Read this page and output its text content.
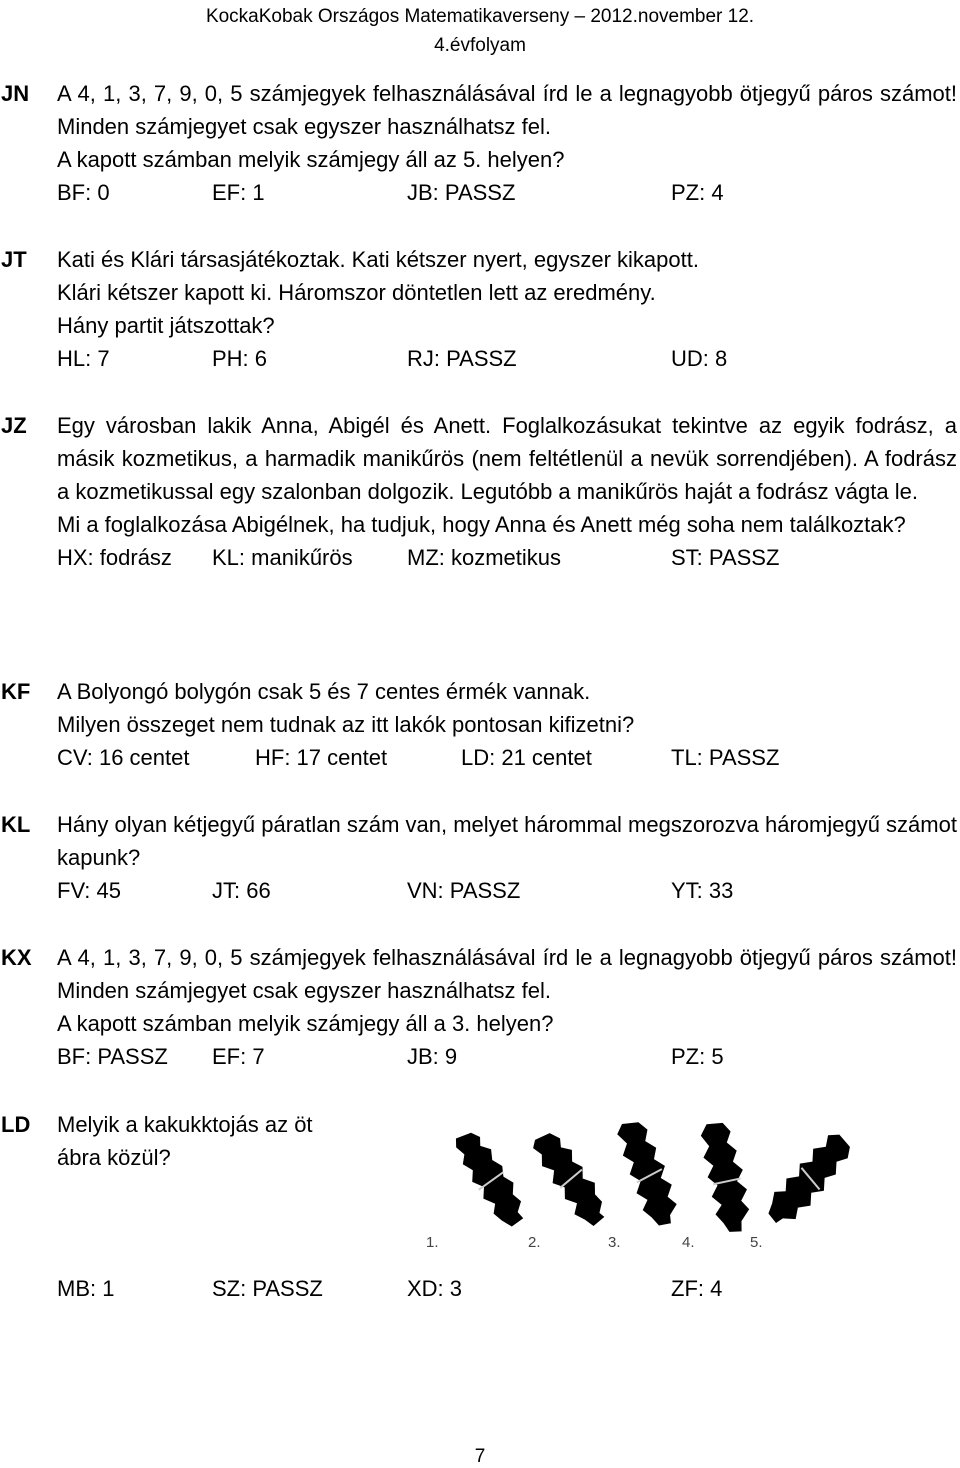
KockaKobak Országos Matematikaverseny – 2012.november 12.
4.évfolyam
JN A 4, 1, 3, 7, 9, 0, 5 számjegyek felhasználásával írd le a legnagyobb ötjegyű páros számot! Minden számjegyet csak egyszer használhatsz fel.

A kapott számban melyik számjegy áll az 5. helyen?

BF: 0	EF: 1	JB: PASSZ	PZ: 4
JT Kati és Klári társasjátékoztak. Kati kétszer nyert, egyszer kikapott.

Klári kétszer kapott ki. Háromszor döntetlen lett az eredmény.

Hány partit játszottak?

HL: 7	PH: 6	RJ: PASSZ	UD: 8
JZ Egy városban lakik Anna, Abigél és Anett. Foglalkozásukat tekintve az egyik fodrász, a másik kozmetikus, a harmadik manikűrös (nem feltétlenül a nevük sorrendjében). A fodrász a kozmetikussal egy szalonban dolgozik. Legutóbb a manikűrös haját a fodrász vágta le.

Mi a foglalkozása Abigélnek, ha tudjuk, hogy Anna és Anett még soha nem találkoztak?

HX: fodrász KL: manikűrös MZ: kozmetikus	ST: PASSZ
KF A Bolyongó bolygón csak 5 és 7 centes érmék vannak.

Milyen összeget nem tudnak az itt lakók pontosan kifizetni?

CV: 16 centet	HF: 17 centet	LD: 21 centet	TL: PASSZ
KL Hány olyan kétjegyű páratlan szám van, melyet hárommal megszorozva háromjegyű számot kapunk?

FV: 45	JT: 66	VN: PASSZ	YT: 33
KX A 4, 1, 3, 7, 9, 0, 5 számjegyek felhasználásával írd le a legnagyobb ötjegyű páros számot! Minden számjegyet csak egyszer használhatsz fel.

A kapott számban melyik számjegy áll a 3. helyen?

BF: PASSZ EF: 7	JB: 9	PZ: 5
LD Melyik a kakukktojás az öt

ábra közül?

MB: 1	SZ: PASSZ	XD: 3	ZF: 4
1.	2.	3.	4.	5.
7
